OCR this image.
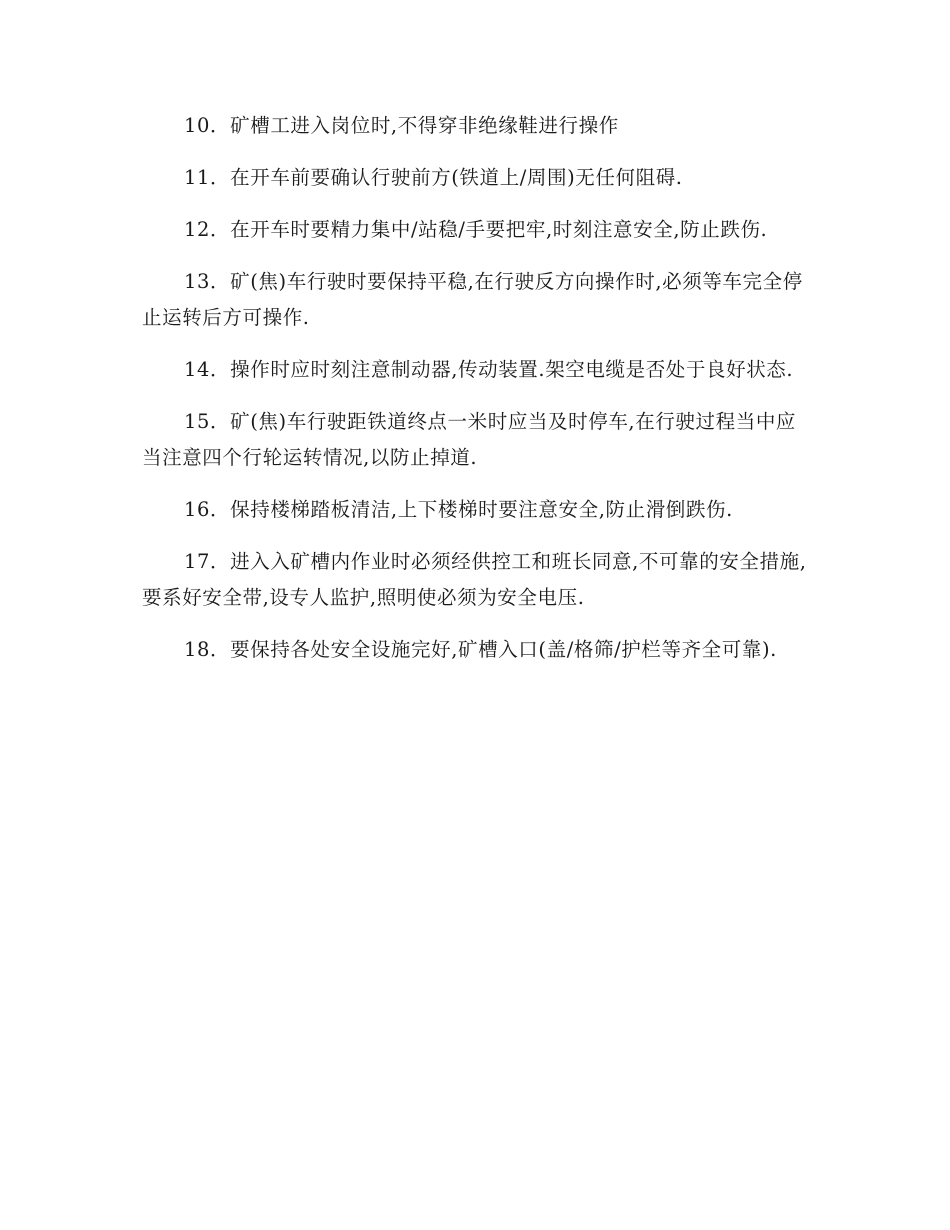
10．矿槽工进入岗位时,不得穿非绝缘鞋进行操作

11．在开车前要确认行驶前方(铁道上/周围)无任何阻碍.

12．在开车时要精力集中/站稳/手要把牢,时刻注意安全,防止跌伤.

13．矿(焦)车行驶时要保持平稳,在行驶反方向操作时,必须等车完全停止运转后方可操作.

14．操作时应时刻注意制动器,传动装置.架空电缆是否处于良好状态.

15．矿(焦)车行驶距铁道终点一米时应当及时停车,在行驶过程当中应当注意四个行轮运转情况,以防止掉道.

16．保持楼梯踏板清洁,上下楼梯时要注意安全,防止滑倒跌伤.

17．进入入矿槽内作业时必须经供控工和班长同意,不可靠的安全措施,要系好安全带,设专人监护,照明使必须为安全电压.

18．要保持各处安全设施完好,矿槽入口(盖/格筛/护栏等齐全可靠).
